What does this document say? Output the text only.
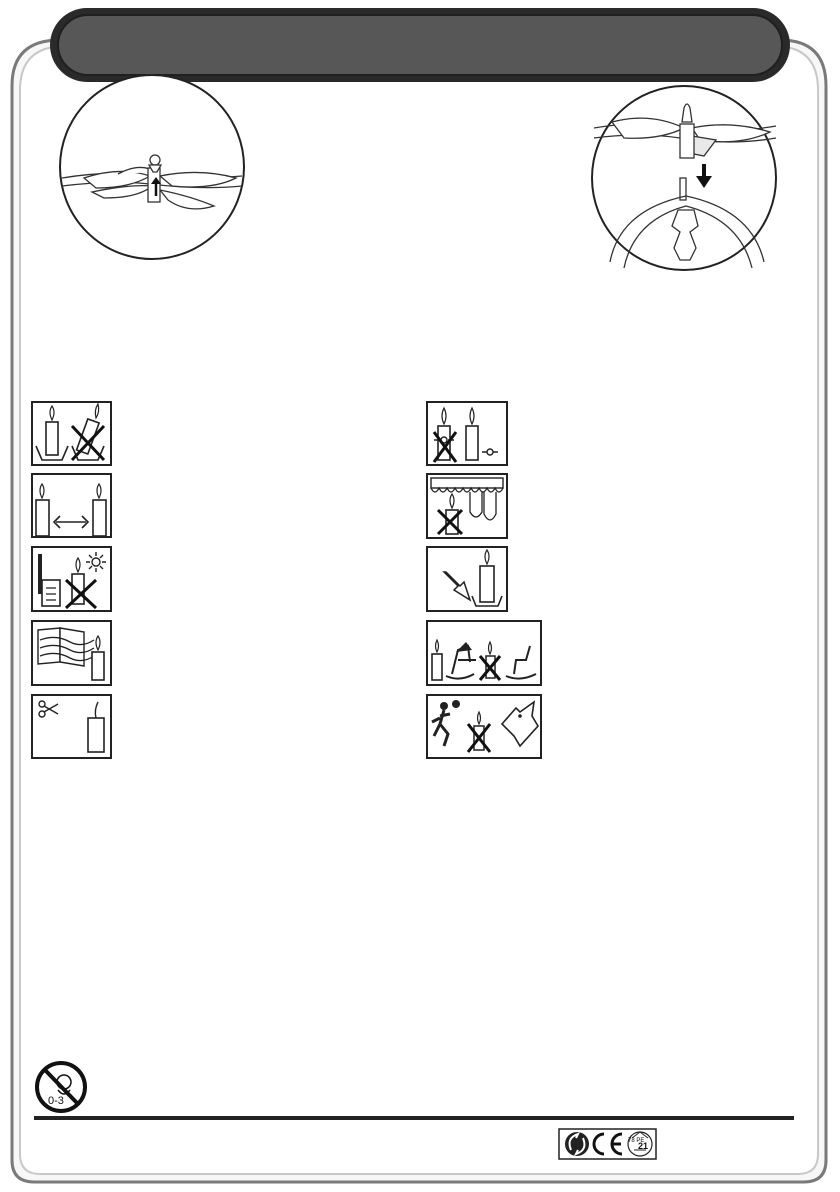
0-3
78 PE
21
